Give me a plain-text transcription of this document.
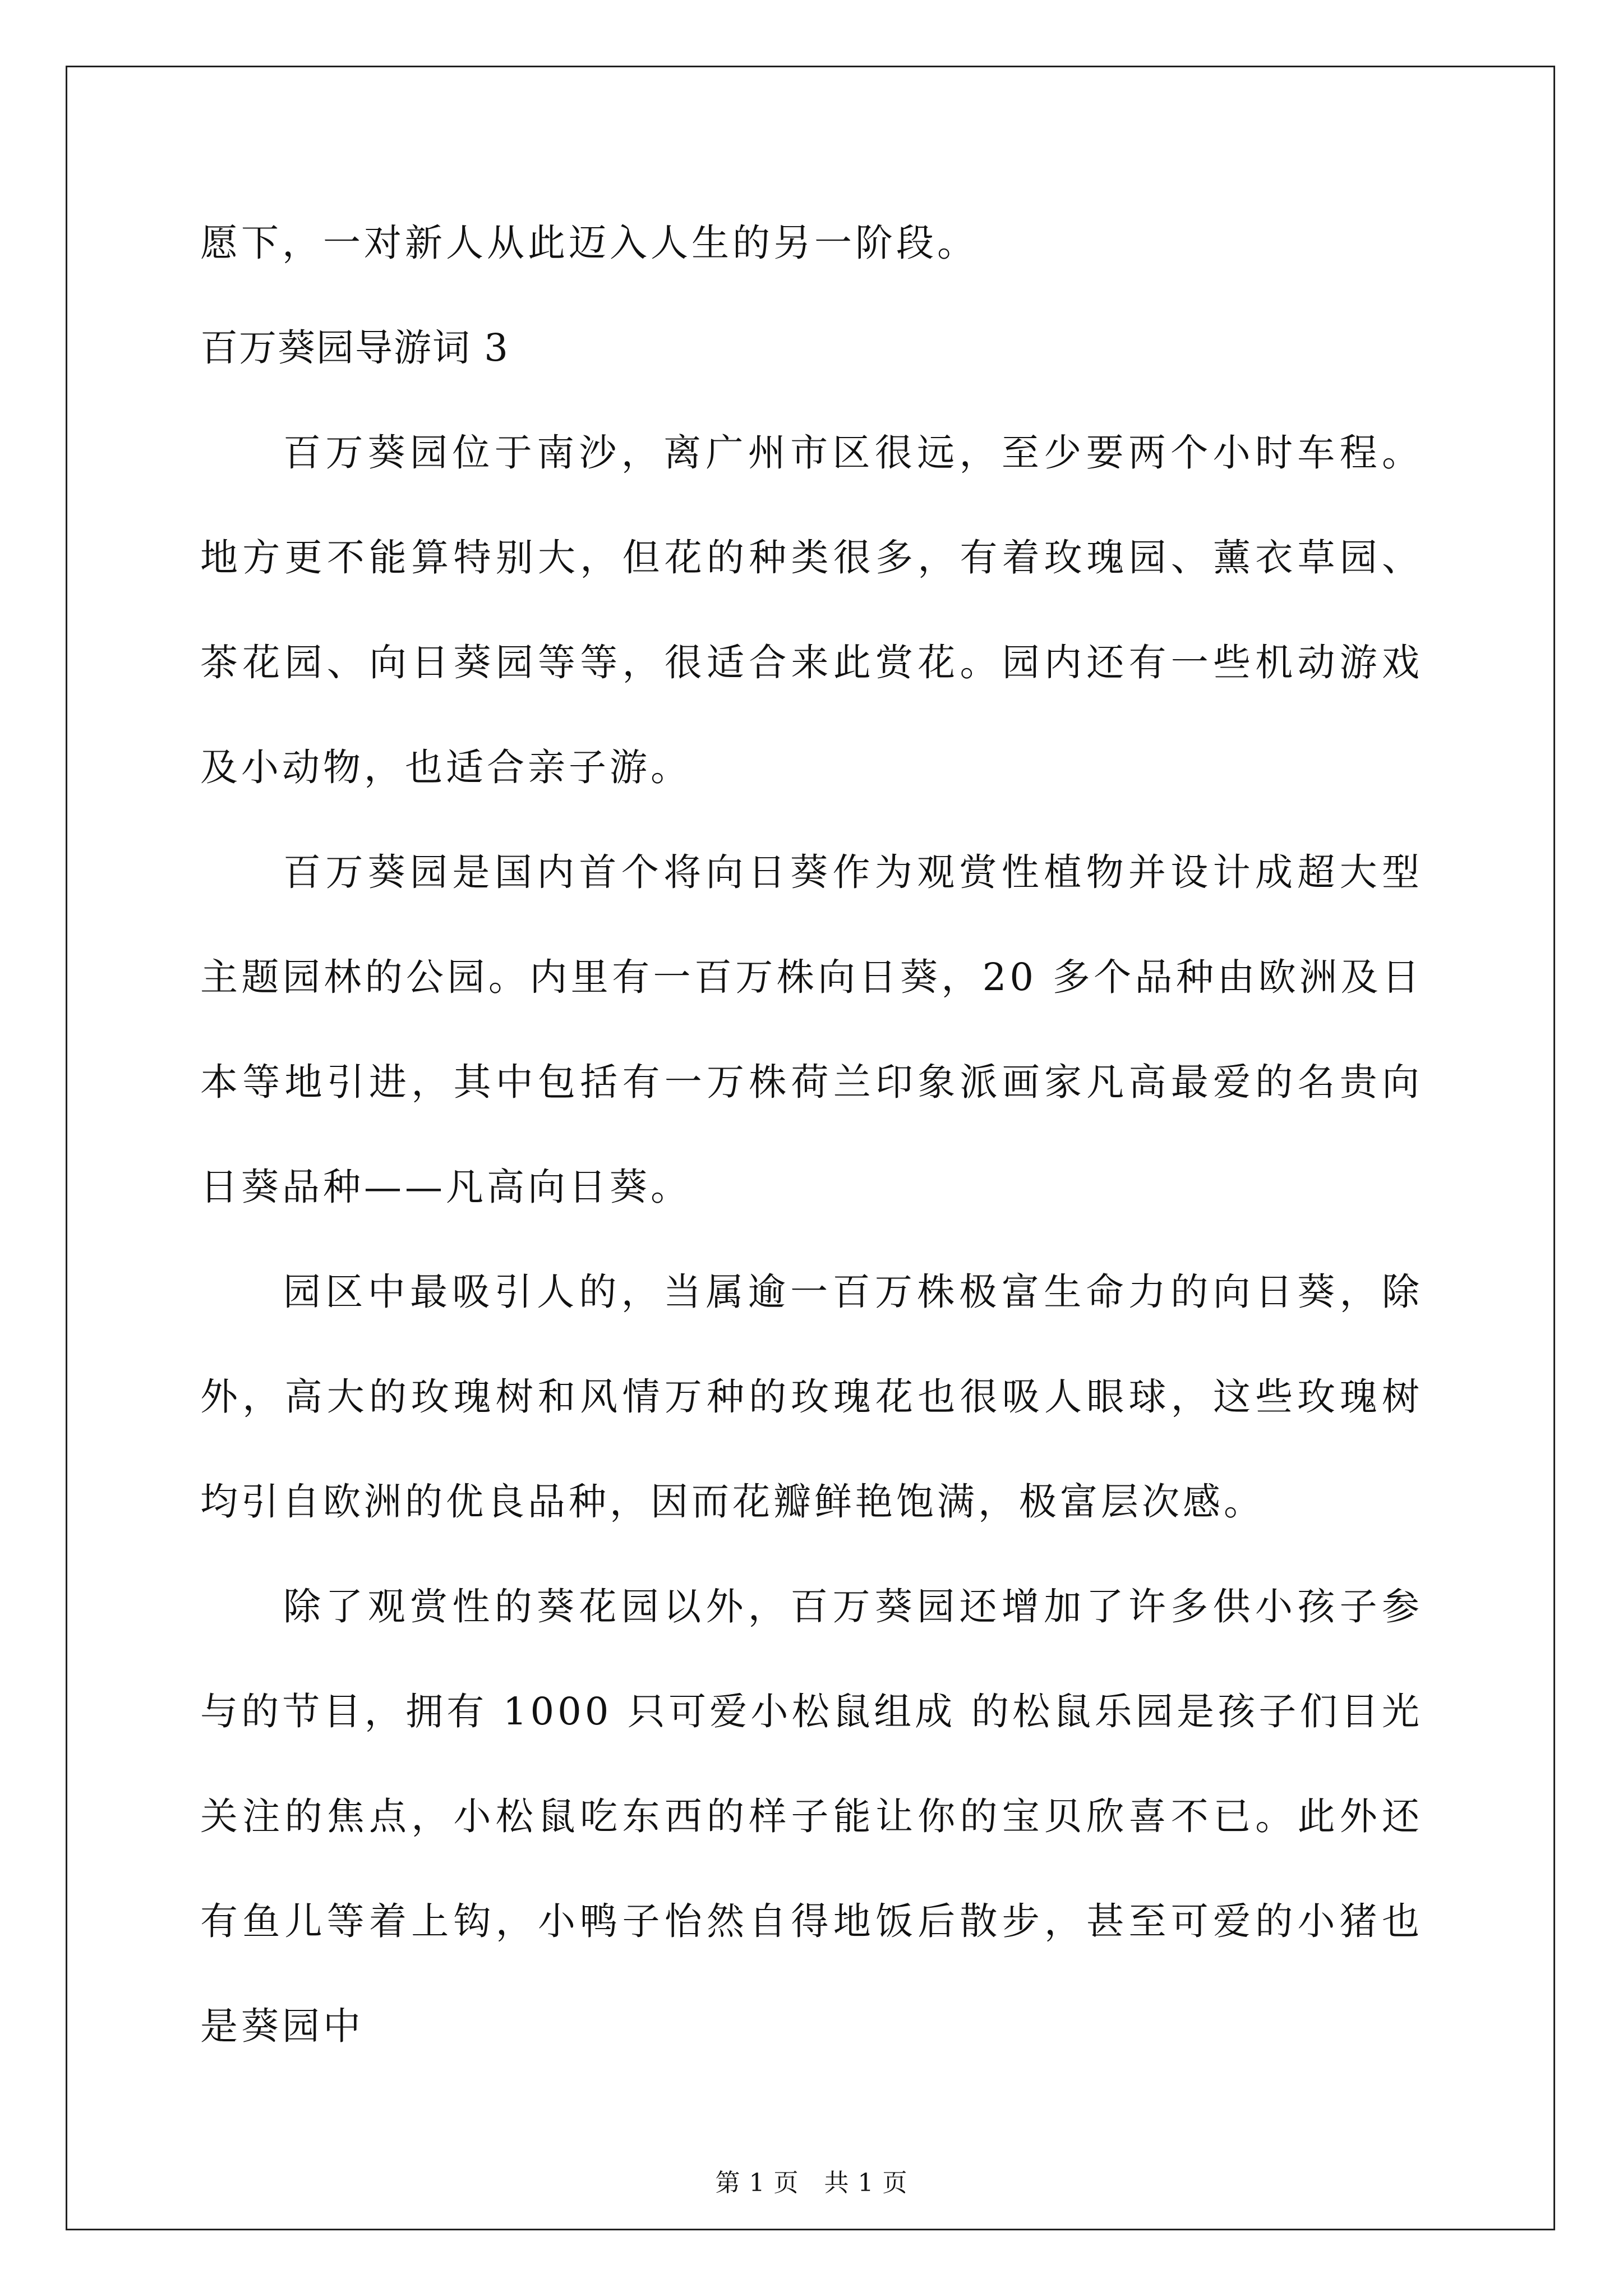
愿下，一对新人从此迈入人生的另一阶段。

百万葵园导游词 3

百万葵园位于南沙，离广州市区很远，至少要两个小时车程。地方更不能算特别大，但花的种类很多，有着玫瑰园、薰衣草园、茶花园、向日葵园等等，很适合来此赏花。园内还有一些机动游戏及小动物，也适合亲子游。

百万葵园是国内首个将向日葵作为观赏性植物并设计成超大型主题园林的公园。内里有一百万株向日葵，20 多个品种由欧洲及日本等地引进，其中包括有一万株荷兰印象派画家凡高最爱的名贵向日葵品种——凡高向日葵。

园区中最吸引人的，当属逾一百万株极富生命力的向日葵，除外，高大的玫瑰树和风情万种的玫瑰花也很吸人眼球，这些玫瑰树均引自欧洲的优良品种，因而花瓣鲜艳饱满，极富层次感。

除了观赏性的葵花园以外，百万葵园还增加了许多供小孩子参与的节目，拥有 1000 只可爱小松鼠组成 的松鼠乐园是孩子们目光关注的焦点，小松鼠吃东西的样子能让你的宝贝欣喜不已。此外还有鱼儿等着上钩，小鸭子怡然自得地饭后散步，甚至可爱的小猪也是葵园中

第 1 页　共 1 页
